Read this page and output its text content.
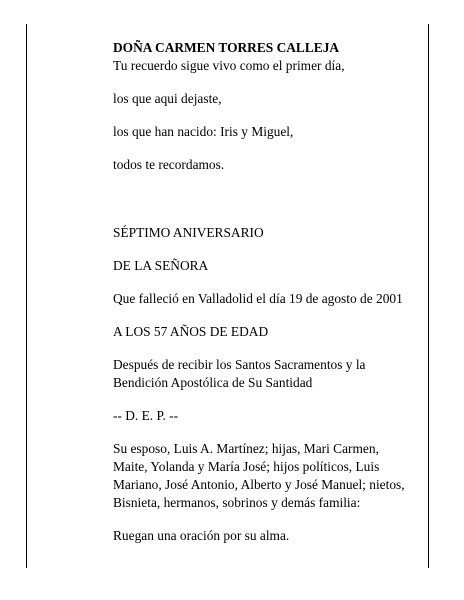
DOÑA CARMEN TORRES CALLEJA

Tu recuerdo sigue vivo como el primer día,

los que aqui dejaste,

los que han nacido: Iris y Miguel,

todos te recordamos.

SÉPTIMO ANIVERSARIO

DE LA SEÑORA

Que falleció en Valladolid el día 19 de agosto de 2001

A LOS 57 AÑOS DE EDAD

Después de recibir los Santos Sacramentos y la Bendición Apostólica de Su Santidad

-- D. E. P. --

Su esposo, Luis A. Martínez; hijas, Mari Carmen, Maite, Yolanda y María José; hijos políticos, Luis Mariano, José Antonio, Alberto y José Manuel; nietos, Bisnieta, hermanos, sobrinos y demás familia:

Ruegan una oración por su alma.
